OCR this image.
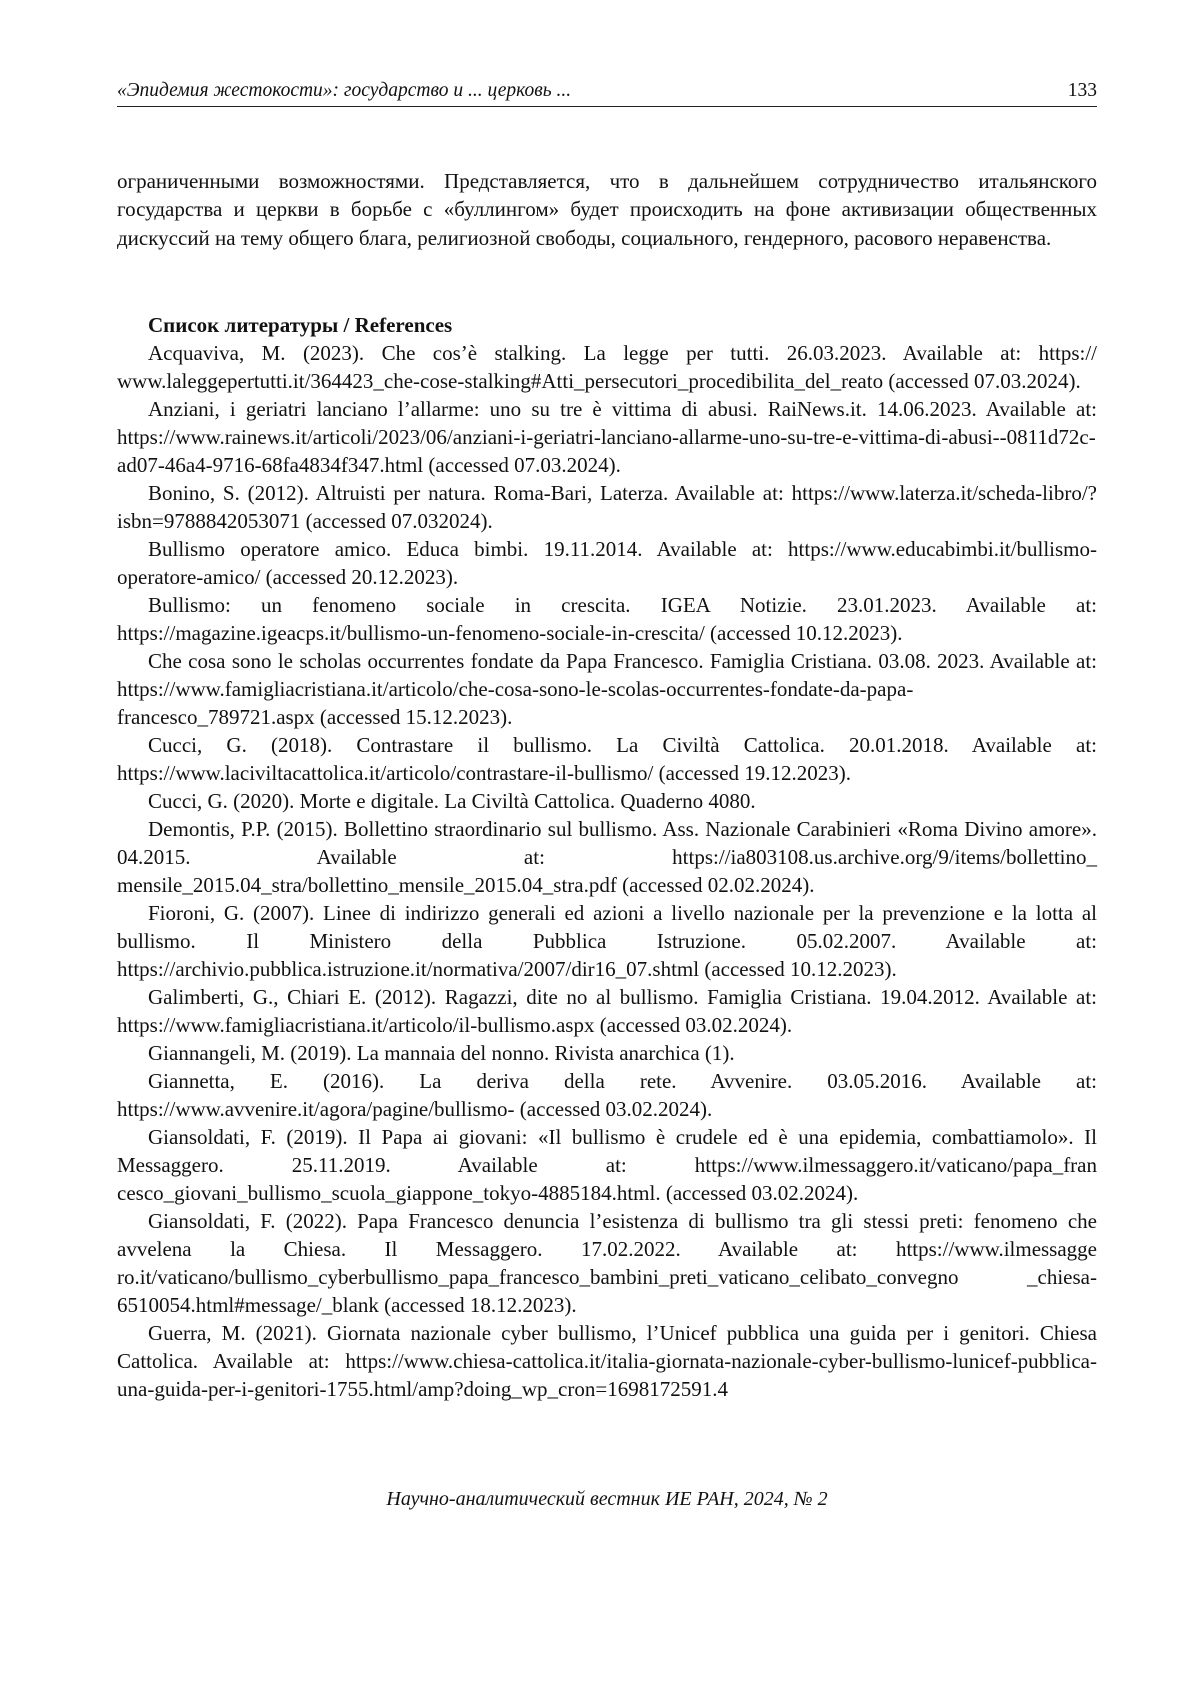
«Эпидемия жестокости»: государство и ... церковь ...	133

ограниченными возможностями. Представляется, что в дальнейшем сотрудничество итальянского государства и церкви в борьбе с «буллингом» будет происходить на фоне активизации общественных дискуссий на тему общего блага, религиозной свободы, социального, гендерного, расового неравенства.

Список литературы / References
Acquaviva, M. (2023). Che cos’è stalking. La legge per tutti. 26.03.2023. Available at: https:// www.laleggepertutti.it/364423_che-cose-stalking#Atti_persecutori_procedibilita_del_reato (accessed 07.03.2024).
Anziani, i geriatri lanciano l’allarme: uno su tre è vittima di abusi. RaiNews.it. 14.06.2023. Available at: https://www.rainews.it/articoli/2023/06/anziani-i-geriatri-lanciano-allarme-uno-su-tre-e-vittima-di-abusi--0811d72c-ad07-46a4-9716-68fa4834f347.html (accessed 07.03.2024).
Bonino, S. (2012). Altruisti per natura. Roma-Bari, Laterza. Available at: https://www.laterza.it/scheda-libro/?isbn=9788842053071 (accessed 07.032024).
Bullismo operatore amico. Educa bimbi. 19.11.2014. Available at: https://www.educabimbi.it/bullismo-operatore-amico/ (accessed 20.12.2023).
Bullismo: un fenomeno sociale in crescita. IGEA Notizie. 23.01.2023. Available at: https://magazine.igeacps.it/bullismo-un-fenomeno-sociale-in-crescita/ (accessed 10.12.2023).
Che cosa sono le scholas occurrentes fondate da Papa Francesco. Famiglia Cristiana. 03.08. 2023. Available at: https://www.famigliacristiana.it/articolo/che-cosa-sono-le-scolas-occurrentes-fondate-da-papa-francesco_789721.aspx (accessed 15.12.2023).
Cucci, G. (2018). Contrastare il bullismo. La Civiltà Cattolica. 20.01.2018. Available at: https://www.laciviltacattolica.it/articolo/contrastare-il-bullismo/ (accessed 19.12.2023).
Cucci, G. (2020). Morte e digitale. La Civiltà Cattolica. Quaderno 4080.
Demontis, P.P. (2015). Bollettino straordinario sul bullismo. Ass. Nazionale Carabinieri «Roma Divino amore». 04.2015. Available at: https://ia803108.us.archive.org/9/items/bollettino_ mensile_2015.04_stra/bollettino_mensile_2015.04_stra.pdf (accessed 02.02.2024).
Fioroni, G. (2007). Linee di indirizzo generali ed azioni a livello nazionale per la prevenzione e la lotta al bullismo. Il Ministero della Pubblica Istruzione. 05.02.2007. Available at: https://archivio.pubblica.istruzione.it/normativa/2007/dir16_07.shtml (accessed 10.12.2023).
Galimberti, G., Chiari E. (2012). Ragazzi, dite no al bullismo. Famiglia Cristiana. 19.04.2012. Available at: https://www.famigliacristiana.it/articolo/il-bullismo.aspx (accessed 03.02.2024).
Giannangeli, M. (2019). La mannaia del nonno. Rivista anarchica (1).
Giannetta, E. (2016). La deriva della rete. Avvenire. 03.05.2016. Available at: https://www.avvenire.it/agora/pagine/bullismo- (accessed 03.02.2024).
Giansoldati, F. (2019). Il Papa ai giovani: «Il bullismo è crudele ed è una epidemia, combattiamolo». Il Messaggero. 25.11.2019. Available at: https://www.ilmessaggero.it/vaticano/papa_fran cesco_giovani_bullismo_scuola_giappone_tokyo-4885184.html. (accessed 03.02.2024).
Giansoldati, F. (2022). Papa Francesco denuncia l’esistenza di bullismo tra gli stessi preti: fenomeno che avvelena la Chiesa. Il Messaggero. 17.02.2022. Available at: https://www.ilmessagge ro.it/vaticano/bullismo_cyberbullismo_papa_francesco_bambini_preti_vaticano_celibato_convegno _chiesa-6510054.html#message/_blank (accessed 18.12.2023).
Guerra, M. (2021). Giornata nazionale cyber bullismo, l’Unicef pubblica una guida per i genitori. Chiesa Cattolica. Available at: https://www.chiesa-cattolica.it/italia-giornata-nazionale-cyber-bullismo-lunicef-pubblica-una-guida-per-i-genitori-1755.html/amp?doing_wp_cron=1698172591.4
Научно-аналитический вестник ИЕ РАН, 2024, № 2
